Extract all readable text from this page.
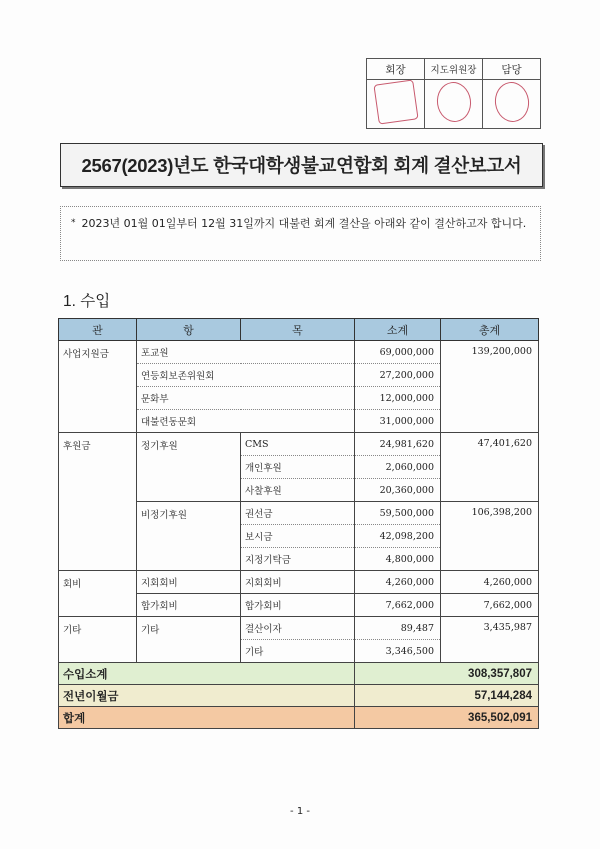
회장	지도위원장	담당

2567(2023)년도 한국대학생불교연합회 회계 결산보고서
* 2023년 01월 01일부터 12월 31일까지 대불련 회계 결산을 아래와 같이 결산하고자 합니다.
1. 수입
관	항	목	소계	총계
사업지원금	포교원		69,000,000	139,200,000
	연등회보존위원회		27,200,000	
	문화부		12,000,000	
	대불련동문회		31,000,000	
후원금	정기후원	CMS	24,981,620	47,401,620
		개인후원	2,060,000	
		사찰후원	20,360,000	
	비정기후원	권선금	59,500,000	106,398,200
		보시금	42,098,200	
		지정기탁금	4,800,000	
회비	지회회비	지회회비	4,260,000	4,260,000
	합가회비	합가회비	7,662,000	7,662,000
기타	기타	결산이자	89,487	3,435,987
		기타	3,346,500	
수입소계			308,357,807	
전년이월금			57,144,284	
합계			365,502,091	
- 1 -
